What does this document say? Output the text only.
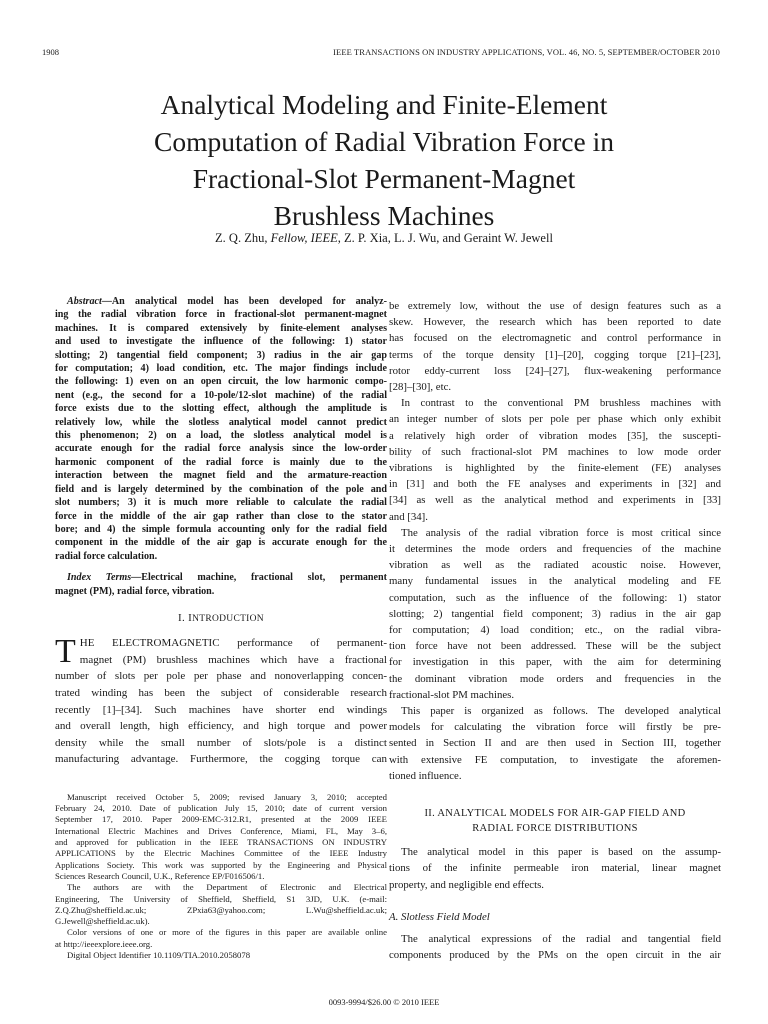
1908	IEEE TRANSACTIONS ON INDUSTRY APPLICATIONS, VOL. 46, NO. 5, SEPTEMBER/OCTOBER 2010
Analytical Modeling and Finite-Element
Computation of Radial Vibration Force in
Fractional-Slot Permanent-Magnet
Brushless Machines
Z. Q. Zhu, Fellow, IEEE, Z. P. Xia, L. J. Wu, and Geraint W. Jewell
Abstract—An analytical model has been developed for analyz-
ing the radial vibration force in fractional-slot permanent-magnet
machines. It is compared extensively by finite-element analyses
and used to investigate the influence of the following: 1) stator
slotting; 2) tangential field component; 3) radius in the air gap
for computation; 4) load condition, etc. The major findings include
the following: 1) even on an open circuit, the low harmonic compo-
nent (e.g., the second for a 10-pole/12-slot machine) of the radial
force exists due to the slotting effect, although the amplitude is
relatively low, while the slotless analytical model cannot predict
this phenomenon; 2) on a load, the slotless analytical model is
accurate enough for the radial force analysis since the low-order
harmonic component of the radial force is mainly due to the
interaction between the magnet field and the armature-reaction
field and is largely determined by the combination of the pole and
slot numbers; 3) it is much more reliable to calculate the radial
force in the middle of the air gap rather than close to the stator
bore; and 4) the simple formula accounting only for the radial field
component in the middle of the air gap is accurate enough for the
radial force calculation.
Index Terms—Electrical machine, fractional slot, permanent
magnet (PM), radial force, vibration.
I. INTRODUCTION
T HE ELECTROMAGNETIC performance of permanent-
magnet (PM) brushless machines which have a fractional
number of slots per pole per phase and nonoverlapping concen-
trated winding has been the subject of considerable research
recently [1]–[34]. Such machines have shorter end windings
and overall length, high efficiency, and high torque and power
density while the small number of slots/pole is a distinct
manufacturing advantage. Furthermore, the cogging torque can
Manuscript received October 5, 2009; revised January 3, 2010; accepted
February 24, 2010. Date of publication July 15, 2010; date of current version
September 17, 2010. Paper 2009-EMC-312.R1, presented at the 2009 IEEE
International Electric Machines and Drives Conference, Miami, FL, May 3–6,
and approved for publication in the IEEE TRANSACTIONS ON INDUSTRY
APPLICATIONS by the Electric Machines Committee of the IEEE Industry
Applications Society. This work was supported by the Engineering and Physical
Sciences Research Council, U.K., Reference EP/F016506/1.
The authors are with the Department of Electronic and Electrical
Engineering, The University of Sheffield, Sheffield, S1 3JD, U.K. (e-mail:
Z.Q.Zhu@sheffield.ac.uk; ZPxia63@yahoo.com; L.Wu@sheffield.ac.uk;
G.Jewell@sheffield.ac.uk).
Color versions of one or more of the figures in this paper are available online
at http://ieeexplore.ieee.org.
Digital Object Identifier 10.1109/TIA.2010.2058078
be extremely low, without the use of design features such as a
skew. However, the research which has been reported to date
has focused on the electromagnetic and control performance in
terms of the torque density [1]–[20], cogging torque [21]–[23],
rotor eddy-current loss [24]–[27], flux-weakening performance
[28]–[30], etc.
In contrast to the conventional PM brushless machines with
an integer number of slots per pole per phase which only exhibit
a relatively high order of vibration modes [35], the suscepti-
bility of such fractional-slot PM machines to low mode order
vibrations is highlighted by the finite-element (FE) analyses
in [31] and both the FE analyses and experiments in [32] and
[34] as well as the analytical method and experiments in [33]
and [34].
The analysis of the radial vibration force is most critical since
it determines the mode orders and frequencies of the machine
vibration as well as the radiated acoustic noise. However,
many fundamental issues in the analytical modeling and FE
computation, such as the influence of the following: 1) stator
slotting; 2) tangential field component; 3) radius in the air gap
for computation; 4) load condition; etc., on the radial vibra-
tion force have not been addressed. These will be the subject
for investigation in this paper, with the aim for determining
the dominant vibration mode orders and frequencies in the
fractional-slot PM machines.
This paper is organized as follows. The developed analytical
models for calculating the vibration force will firstly be pre-
sented in Section II and are then used in Section III, together
with extensive FE computation, to investigate the aforemen-
tioned influence.
II. ANALYTICAL MODELS FOR AIR-GAP FIELD AND
RADIAL FORCE DISTRIBUTIONS
The analytical model in this paper is based on the assump-
tions of the infinite permeable iron material, linear magnet
property, and negligible end effects.
A. Slotless Field Model
The analytical expressions of the radial and tangential field
components produced by the PMs on the open circuit in the air
0093-9994/$26.00 © 2010 IEEE
